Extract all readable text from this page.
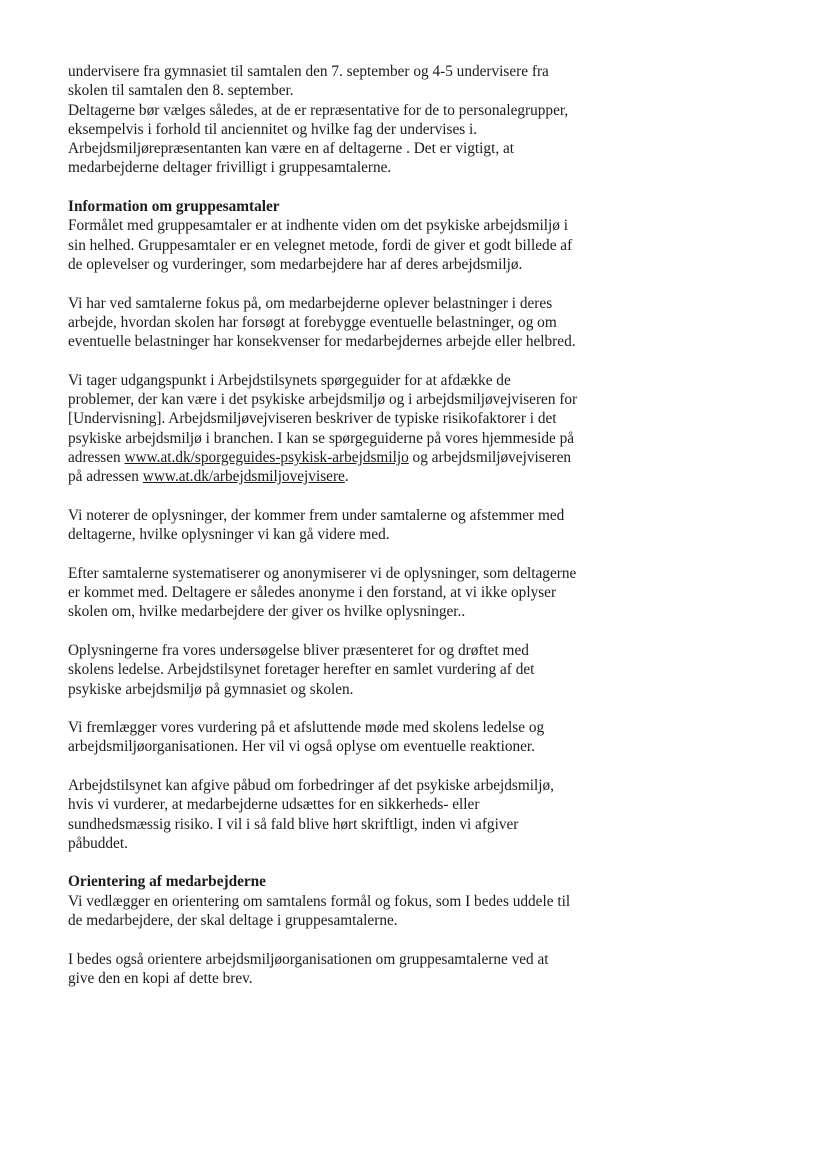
undervisere fra gymnasiet til samtalen den 7. september og 4-5 undervisere fra
skolen til samtalen den 8. september.
Deltagerne bør vælges således, at de er repræsentative for de to personalegrupper,
eksempelvis i forhold til anciennitet og hvilke fag der undervises i.
Arbejdsmiljørepræsentanten kan være en af deltagerne . Det er vigtigt, at
medarbejderne deltager frivilligt i gruppesamtalerne.
Information om gruppesamtaler
Formålet med gruppesamtaler er at indhente viden om det psykiske arbejdsmiljø i
sin helhed. Gruppesamtaler er en velegnet metode, fordi de giver et godt billede af
de oplevelser og vurderinger, som medarbejdere har af deres arbejdsmiljø.
Vi har ved samtalerne fokus på, om medarbejderne oplever belastninger i deres
arbejde, hvordan skolen har forsøgt at forebygge eventuelle belastninger, og om
eventuelle belastninger har konsekvenser for medarbejdernes arbejde eller helbred.
Vi tager udgangspunkt i Arbejdstilsynets spørgeguider for at afdække de
problemer, der kan være i det psykiske arbejdsmiljø og i arbejdsmiljøvejviseren for
[Undervisning]. Arbejdsmiljøvejviseren beskriver de typiske risikofaktorer i det
psykiske arbejdsmiljø i branchen. I kan se spørgeguiderne på vores hjemmeside på
adressen www.at.dk/sporgeguides-psykisk-arbejdsmiljo og arbejdsmiljøvejviseren
på adressen www.at.dk/arbejdsmiljovejvisere.
Vi noterer de oplysninger, der kommer frem under samtalerne og afstemmer med
deltagerne, hvilke oplysninger vi kan gå videre med.
Efter samtalerne systematiserer og anonymiserer vi de oplysninger, som deltagerne
er kommet med. Deltagere er således anonyme i den forstand, at vi ikke oplyser
skolen om, hvilke medarbejdere der giver os hvilke oplysninger..
Oplysningerne fra vores undersøgelse bliver præsenteret for og drøftet med
skolens ledelse. Arbejdstilsynet foretager herefter en samlet vurdering af det
psykiske arbejdsmiljø på gymnasiet og skolen.
Vi fremlægger vores vurdering på et afsluttende møde med skolens ledelse og
arbejdsmiljøorganisationen. Her vil vi også oplyse om eventuelle reaktioner.
Arbejdstilsynet kan afgive påbud om forbedringer af det psykiske arbejdsmiljø,
hvis vi vurderer, at medarbejderne udsættes for en sikkerheds- eller
sundhedsmæssig risiko. I vil i så fald blive hørt skriftligt, inden vi afgiver
påbuddet.
Orientering af medarbejderne
Vi vedlægger en orientering om samtalens formål og fokus, som I bedes uddele til
de medarbejdere, der skal deltage i gruppesamtalerne.
I bedes også orientere arbejdsmiljøorganisationen om gruppesamtalerne ved at
give den en kopi af dette brev.
